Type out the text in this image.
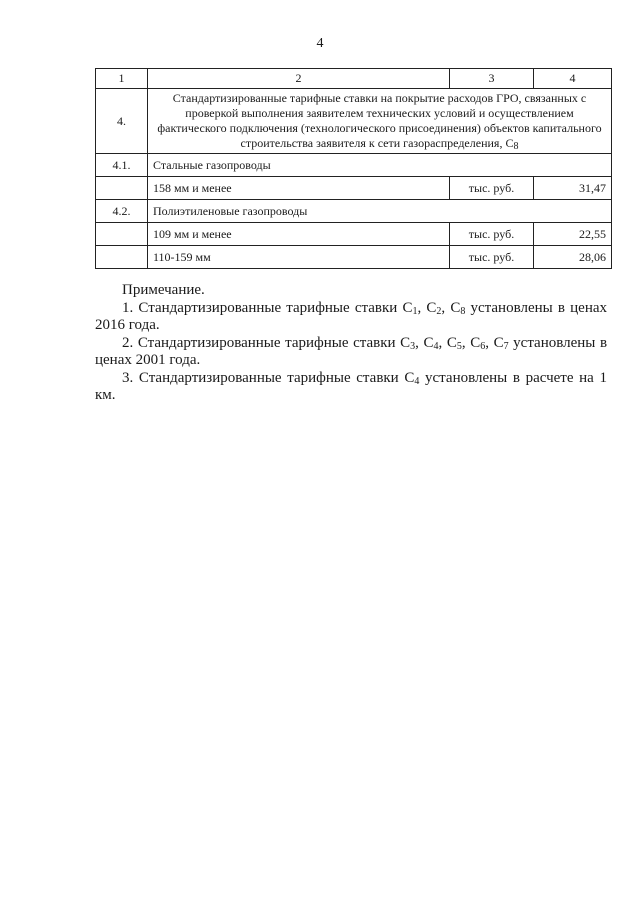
4
1	2	3	4
4.	Стандартизированные тарифные ставки на покрытие расходов ГРО, связанных с проверкой выполнения заявителем технических условий и осуществлением фактического подключения (технологического присоединения) объектов капитального строительства заявителя к сети газораспределения, $С_8$
4.1.	Стальные газопроводы		
	158 мм и менее	тыс. руб.	31,47
4.2.	Полиэтиленовые газопроводы		
	109 мм и менее	тыс. руб.	22,55
	110-159 мм	тыс. руб.	28,06
Примечание.

1. Стандартизированные тарифные ставки $С_1$, $С_2$, $С_8$ установлены в ценах 2016 года.

2. Стандартизированные тарифные ставки $С_3$, $С_4$, $С_5$, $С_6$, $С_7$ установлены в ценах 2001 года.

3. Стандартизированные тарифные ставки $С_4$ установлены в расчете на 1 км.
